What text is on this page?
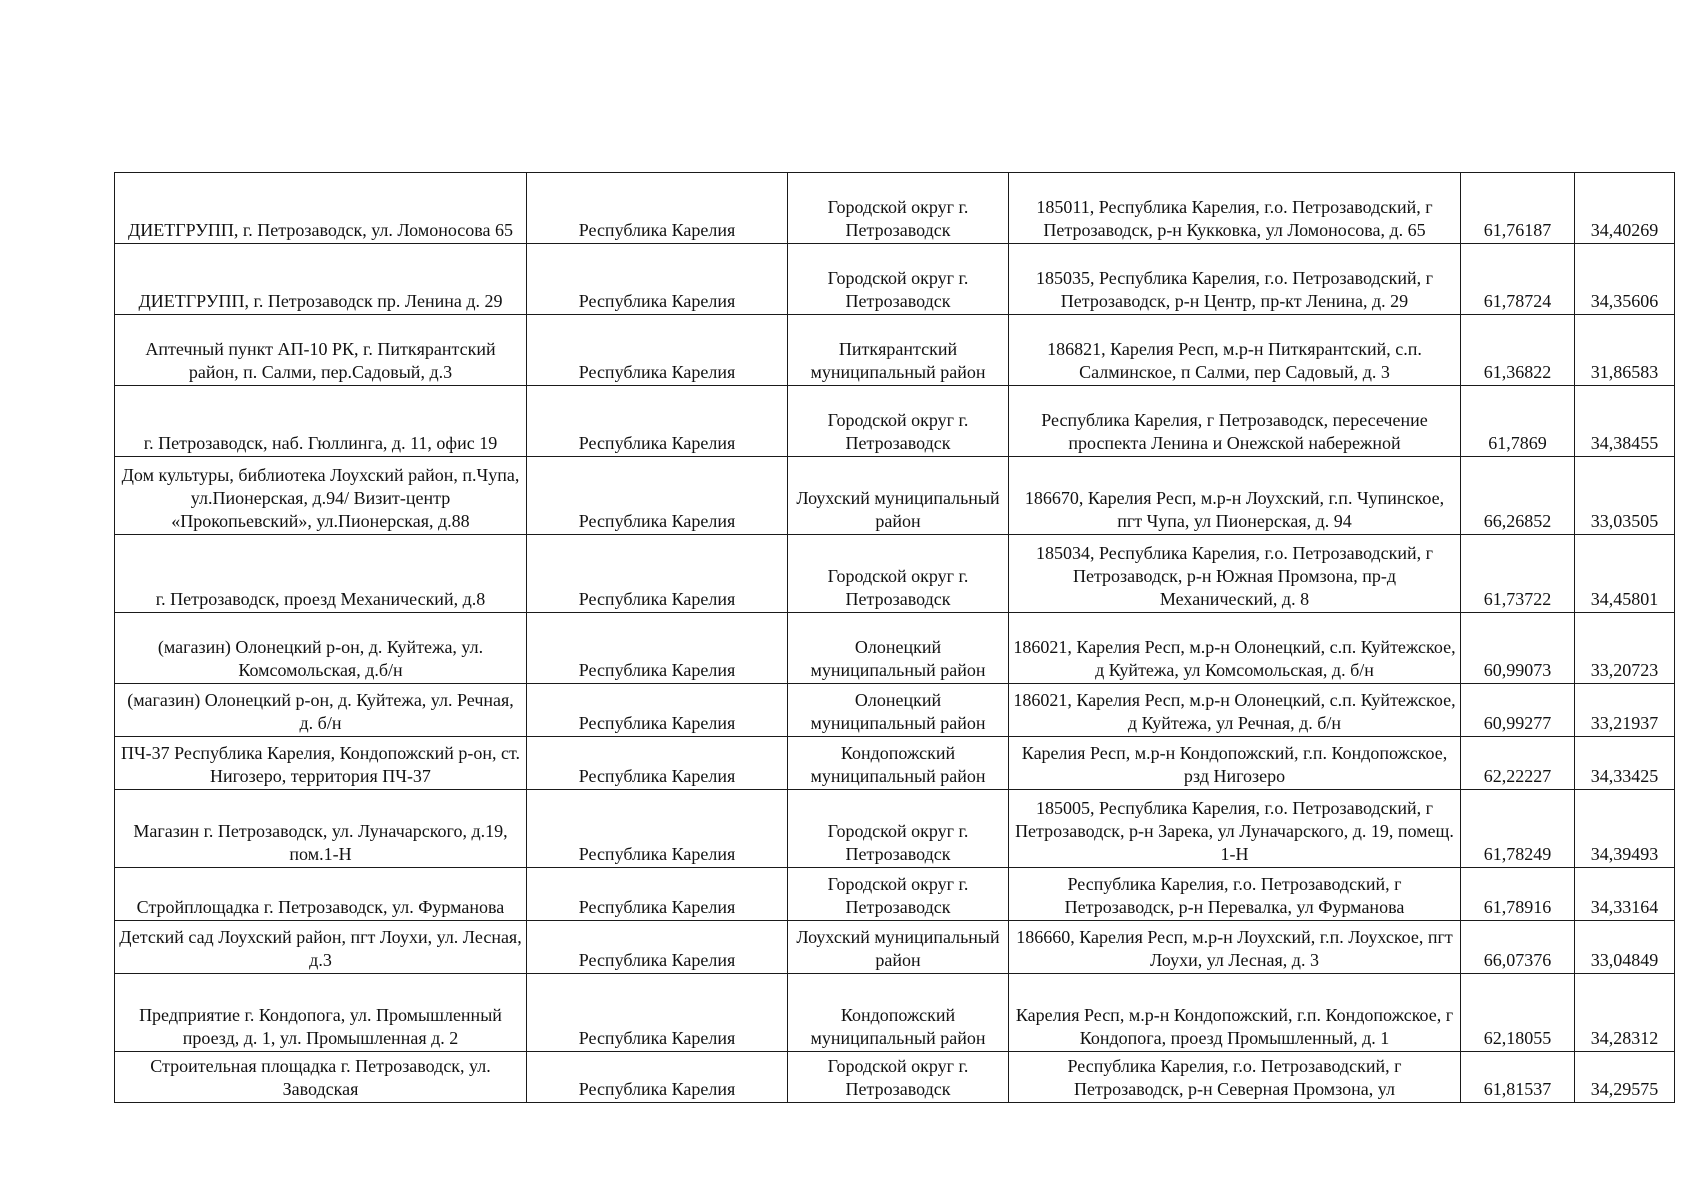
ДИЕТГРУПП, г. Петрозаводск, ул. Ломоносова 65	Республика Карелия	Городской округ г. Петрозаводск	185011, Республика Карелия, г.о. Петрозаводский, г Петрозаводск, р-н Кукковка, ул Ломоносова, д. 65	61,76187	34,40269
ДИЕТГРУПП, г. Петрозаводск пр. Ленина д. 29	Республика Карелия	Городской округ г. Петрозаводск	185035, Республика Карелия, г.о. Петрозаводский, г Петрозаводск, р-н Центр, пр-кт Ленина, д. 29	61,78724	34,35606
Аптечный пункт АП-10 РК, г. Питкярантский район, п. Салми, пер.Садовый, д.3	Республика Карелия	Питкярантский муниципальный район	186821, Карелия Респ, м.р-н Питкярантский, с.п. Салминское, п Салми, пер Садовый, д. 3	61,36822	31,86583
г. Петрозаводск, наб. Гюллинга, д. 11, офис 19	Республика Карелия	Городской округ г. Петрозаводск	Республика Карелия, г Петрозаводск, пересечение проспекта Ленина и Онежской набережной	61,7869	34,38455
Дом культуры, библиотека Лоухский район, п.Чупа, ул.Пионерская, д.94/ Визит-центр «Прокопьевский», ул.Пионерская, д.88	Республика Карелия	Лоухский муниципальный район	186670, Карелия Респ, м.р-н Лоухский, г.п. Чупинское, пгт Чупа, ул Пионерская, д. 94	66,26852	33,03505
г. Петрозаводск, проезд Механический, д.8	Республика Карелия	Городской округ г. Петрозаводск	185034, Республика Карелия, г.о. Петрозаводский, г Петрозаводск, р-н Южная Промзона, пр-д Механический, д. 8	61,73722	34,45801
(магазин) Олонецкий р-он, д. Куйтежа, ул. Комсомольская, д.б/н	Республика Карелия	Олонецкий муниципальный район	186021, Карелия Респ, м.р-н Олонецкий, с.п. Куйтежское, д Куйтежа, ул Комсомольская, д. б/н	60,99073	33,20723
(магазин) Олонецкий р-он, д. Куйтежа, ул. Речная, д. б/н	Республика Карелия	Олонецкий муниципальный район	186021, Карелия Респ, м.р-н Олонецкий, с.п. Куйтежское, д Куйтежа, ул Речная, д. б/н	60,99277	33,21937
ПЧ-37 Республика Карелия, Кондопожский р-он, ст. Нигозеро, территория ПЧ-37	Республика Карелия	Кондопожский муниципальный район	Карелия Респ, м.р-н Кондопожский, г.п. Кондопожское, рзд Нигозеро	62,22227	34,33425
Магазин г. Петрозаводск, ул. Луначарского, д.19, пом.1-Н	Республика Карелия	Городской округ г. Петрозаводск	185005, Республика Карелия, г.о. Петрозаводский, г Петрозаводск, р-н Зарека, ул Луначарского, д. 19, помещ. 1-Н	61,78249	34,39493
Стройплощадка г. Петрозаводск, ул. Фурманова	Республика Карелия	Городской округ г. Петрозаводск	Республика Карелия, г.о. Петрозаводский, г Петрозаводск, р-н Перевалка, ул Фурманова	61,78916	34,33164
Детский сад Лоухский район, пгт Лоухи, ул. Лесная, д.3	Республика Карелия	Лоухский муниципальный район	186660, Карелия Респ, м.р-н Лоухский, г.п. Лоухское, пгт Лоухи, ул Лесная, д. 3	66,07376	33,04849
Предприятие г. Кондопога, ул. Промышленный проезд, д. 1, ул. Промышленная д. 2	Республика Карелия	Кондопожский муниципальный район	Карелия Респ, м.р-н Кондопожский, г.п. Кондопожское, г Кондопога, проезд Промышленный, д. 1	62,18055	34,28312
Строительная площадка г. Петрозаводск, ул. Заводская	Республика Карелия	Городской округ г. Петрозаводск	Республика Карелия, г.о. Петрозаводский, г Петрозаводск, р-н Северная Промзона, ул	61,81537	34,29575
